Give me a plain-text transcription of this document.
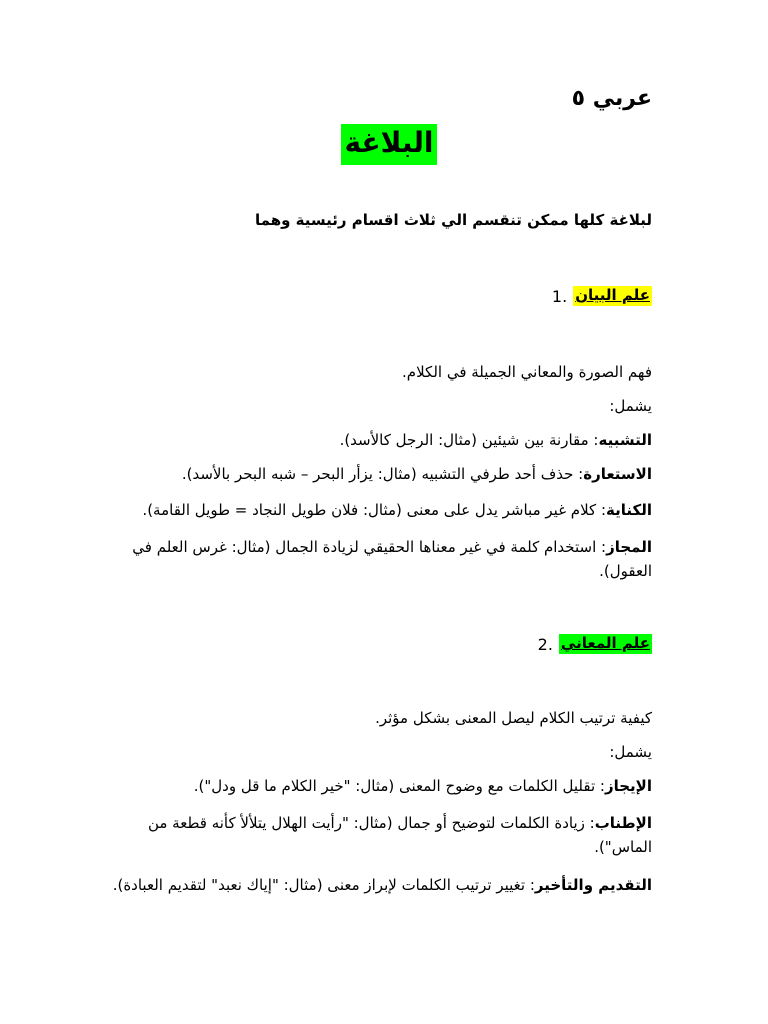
عربي ٥

البلاغة

لبلاغة كلها ممكن تنقسم الي ثلاث اقسام رئيسية وهما

علم البيان
1.

فهم الصورة والمعاني الجميلة في الكلام.

يشمل:

التشبيه: مقارنة بين شيئين (مثال: الرجل كالأسد).

الاستعارة: حذف أحد طرفي التشبيه (مثال: يزأر البحر – شبه البحر بالأسد).

الكناية: كلام غير مباشر يدل على معنى (مثال: فلان طويل النجاد = طويل القامة).

المجاز: استخدام كلمة في غير معناها الحقيقي لزيادة الجمال (مثال: غرس العلم في العقول).

علم المعاني
2.

كيفية ترتيب الكلام ليصل المعنى بشكل مؤثر.

يشمل:

الإيجاز: تقليل الكلمات مع وضوح المعنى (مثال: "خير الكلام ما قل ودل").

الإطناب: زيادة الكلمات لتوضيح أو جمال (مثال: "رأيت الهلال يتلألأ كأنه قطعة من الماس").

التقديم والتأخير: تغيير ترتيب الكلمات لإبراز معنى (مثال: "إياك نعبد" لتقديم العبادة).
